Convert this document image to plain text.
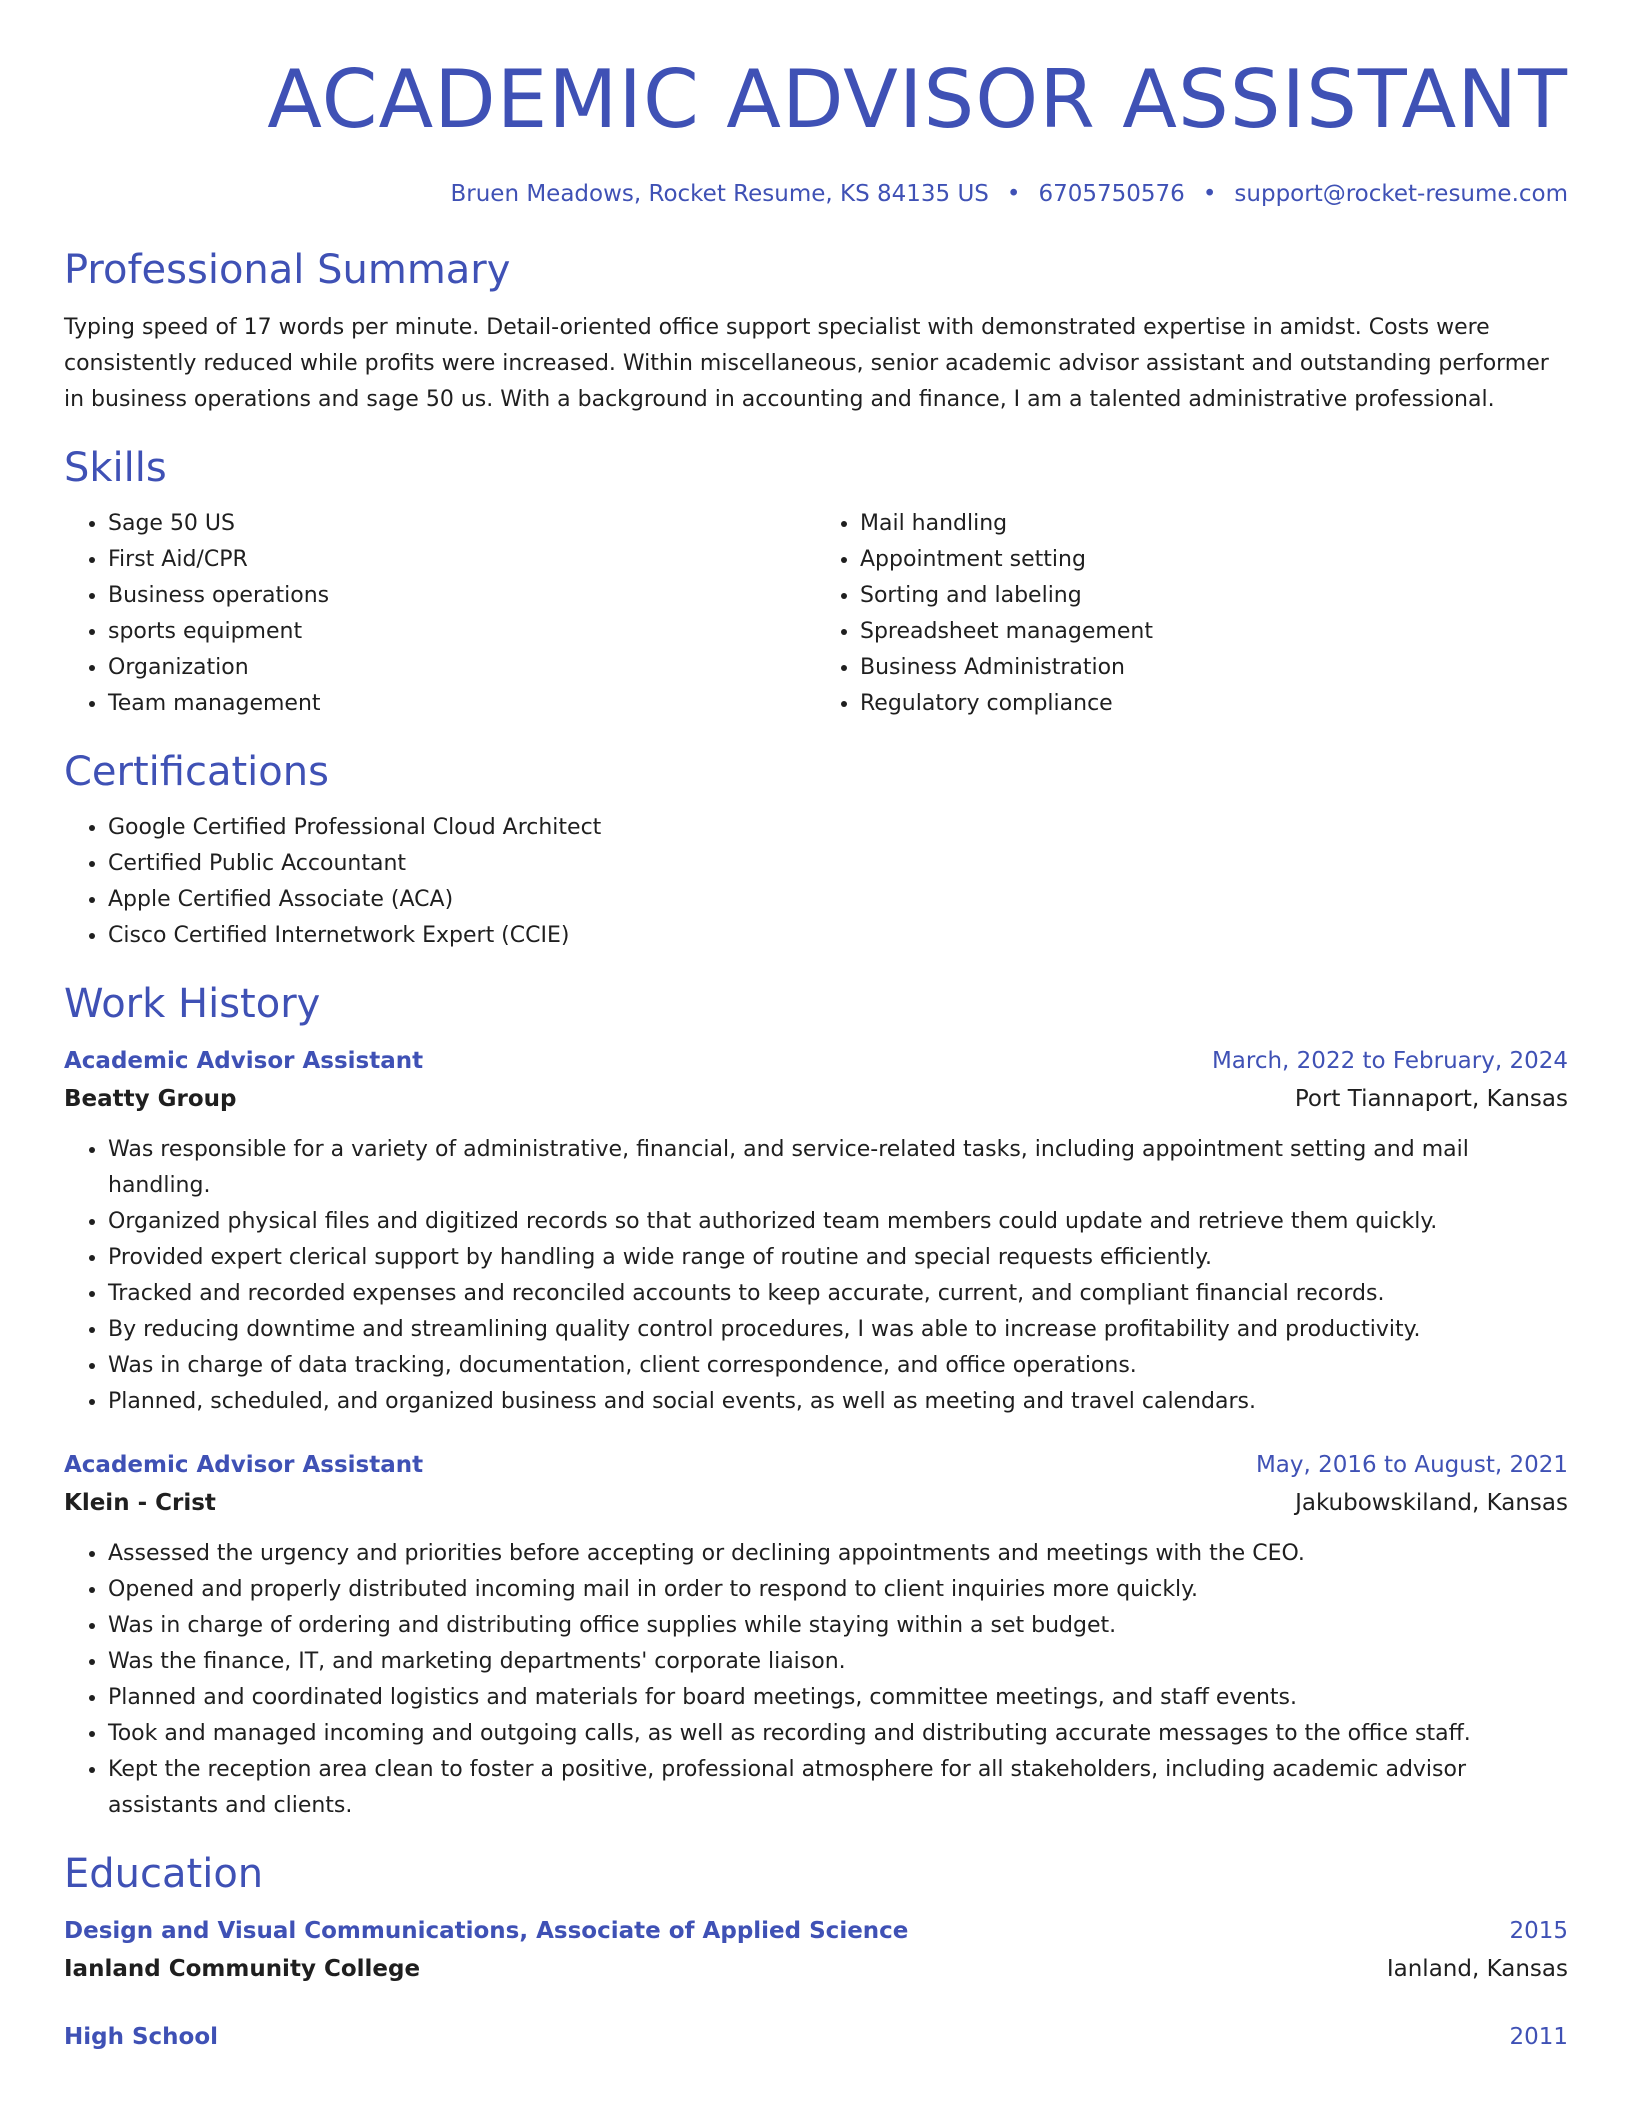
ACADEMIC ADVISOR ASSISTANT
Bruen Meadows, Rocket Resume, KS 84135 US • 6705750576 • support@rocket-resume.com
Professional Summary
Typing speed of 17 words per minute. Detail-oriented office support specialist with demonstrated expertise in amidst. Costs were consistently reduced while profits were increased. Within miscellaneous, senior academic advisor assistant and outstanding performer in business operations and sage 50 us. With a background in accounting and finance, I am a talented administrative professional.
Skills
• Sage 50 US
• First Aid/CPR
• Business operations
• sports equipment
• Organization
• Team management
• Mail handling
• Appointment setting
• Sorting and labeling
• Spreadsheet management
• Business Administration
• Regulatory compliance
Certifications
• Google Certified Professional Cloud Architect
• Certified Public Accountant
• Apple Certified Associate (ACA)
• Cisco Certified Internetwork Expert (CCIE)
Work History
Academic Advisor Assistant	March, 2022 to February, 2024
Beatty Group	Port Tiannaport, Kansas
• Was responsible for a variety of administrative, financial, and service-related tasks, including appointment setting and mail handling.
• Organized physical files and digitized records so that authorized team members could update and retrieve them quickly.
• Provided expert clerical support by handling a wide range of routine and special requests efficiently.
• Tracked and recorded expenses and reconciled accounts to keep accurate, current, and compliant financial records.
• By reducing downtime and streamlining quality control procedures, I was able to increase profitability and productivity.
• Was in charge of data tracking, documentation, client correspondence, and office operations.
• Planned, scheduled, and organized business and social events, as well as meeting and travel calendars.
Academic Advisor Assistant	May, 2016 to August, 2021
Klein - Crist	Jakubowskiland, Kansas
• Assessed the urgency and priorities before accepting or declining appointments and meetings with the CEO.
• Opened and properly distributed incoming mail in order to respond to client inquiries more quickly.
• Was in charge of ordering and distributing office supplies while staying within a set budget.
• Was the finance, IT, and marketing departments' corporate liaison.
• Planned and coordinated logistics and materials for board meetings, committee meetings, and staff events.
• Took and managed incoming and outgoing calls, as well as recording and distributing accurate messages to the office staff.
• Kept the reception area clean to foster a positive, professional atmosphere for all stakeholders, including academic advisor assistants and clients.
Education
Design and Visual Communications, Associate of Applied Science	2015
Ianland Community College	Ianland, Kansas
High School	2011
